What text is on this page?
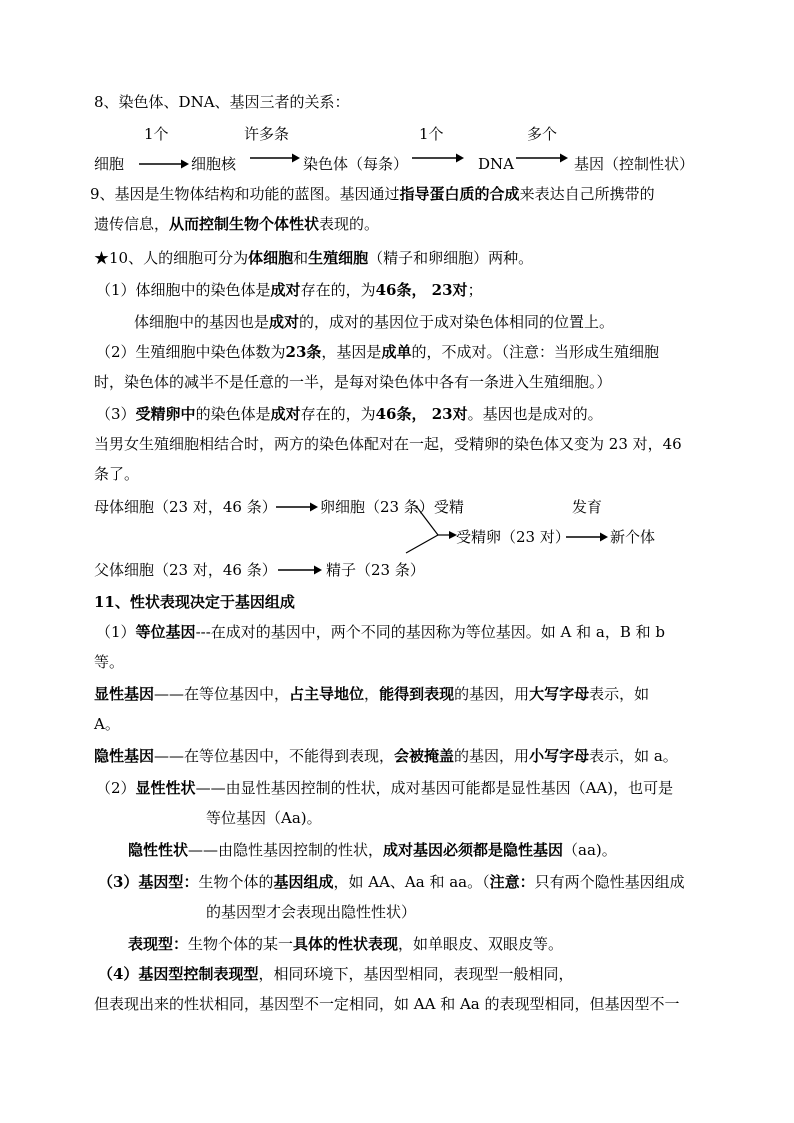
8、染色体、DNA、基因三者的关系：
1个	许多条	1个	多个
细胞	细胞核	染色体（每条）	DNA	基因（控制性状）
9、基因是生物体结构和功能的蓝图。基因通过指导蛋白质的合成来表达自己所携带的
遗传信息，从而控制生物个体性状表现的。
★10、人的细胞可分为体细胞和生殖细胞（精子和卵细胞）两种。
（1）体细胞中的染色体是成对存在的，为46条， 23对；
体细胞中的基因也是成对的，成对的基因位于成对染色体相同的位置上。
（2）生殖细胞中染色体数为23条，基因是成单的，不成对。（注意：当形成生殖细胞
时，染色体的减半不是任意的一半，是每对染色体中各有一条进入生殖细胞。）
（3）受精卵中的染色体是成对存在的，为46条， 23对。基因也是成对的。
当男女生殖细胞相结合时，两方的染色体配对在一起，受精卵的染色体又变为 23 对，46
条了。
母体细胞（23 对，46 条）	卵细胞（23 条）受精	发育
受精卵（23 对）	新个体
父体细胞（23 对，46 条）	精子（23 条）
11、性状表现决定于基因组成
（1）等位基因---在成对的基因中，两个不同的基因称为等位基因。如 A 和 a，B 和 b
等。
显性基因——在等位基因中，占主导地位，能得到表现的基因，用大写字母表示，如
A。
隐性基因——在等位基因中，不能得到表现，会被掩盖的基因，用小写字母表示，如 a。
（2）显性性状——由显性基因控制的性状，成对基因可能都是显性基因（AA)，也可是
等位基因（Aa)。
隐性性状——由隐性基因控制的性状，成对基因必须都是隐性基因（aa)。
（3）基因型：生物个体的基因组成，如 AA、Aa 和 aa。（注意：只有两个隐性基因组成
的基因型才会表现出隐性性状）
表现型：生物个体的某一具体的性状表现，如单眼皮、双眼皮等。
（4）基因型控制表现型，相同环境下，基因型相同，表现型一般相同，
但表现出来的性状相同，基因型不一定相同，如 AA 和 Aa 的表现型相同，但基因型不一
